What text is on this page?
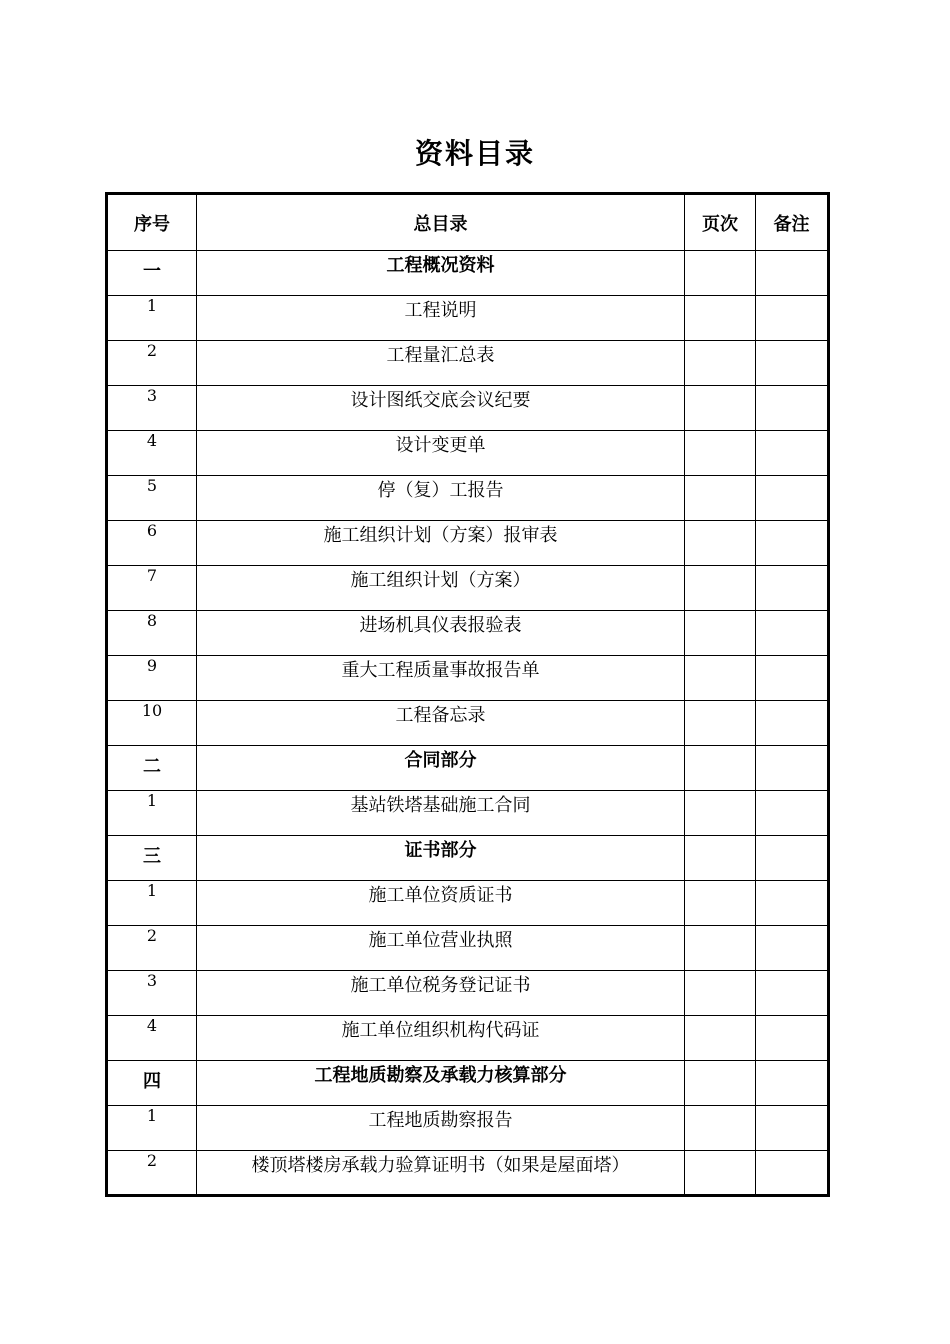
资料目录
序号	总目录	页次	备注
一	工程概况资料		
1	工程说明		
2	工程量汇总表		
3	设计图纸交底会议纪要		
4	设计变更单		
5	停（复）工报告		
6	施工组织计划（方案）报审表		
7	施工组织计划（方案）		
8	进场机具仪表报验表		
9	重大工程质量事故报告单		
10	工程备忘录		
二	合同部分		
1	基站铁塔基础施工合同		
三	证书部分		
1	施工单位资质证书		
2	施工单位营业执照		
3	施工单位税务登记证书		
4	施工单位组织机构代码证		
四	工程地质勘察及承载力核算部分		
1	工程地质勘察报告		
2	楼顶塔楼房承载力验算证明书（如果是屋面塔）		
